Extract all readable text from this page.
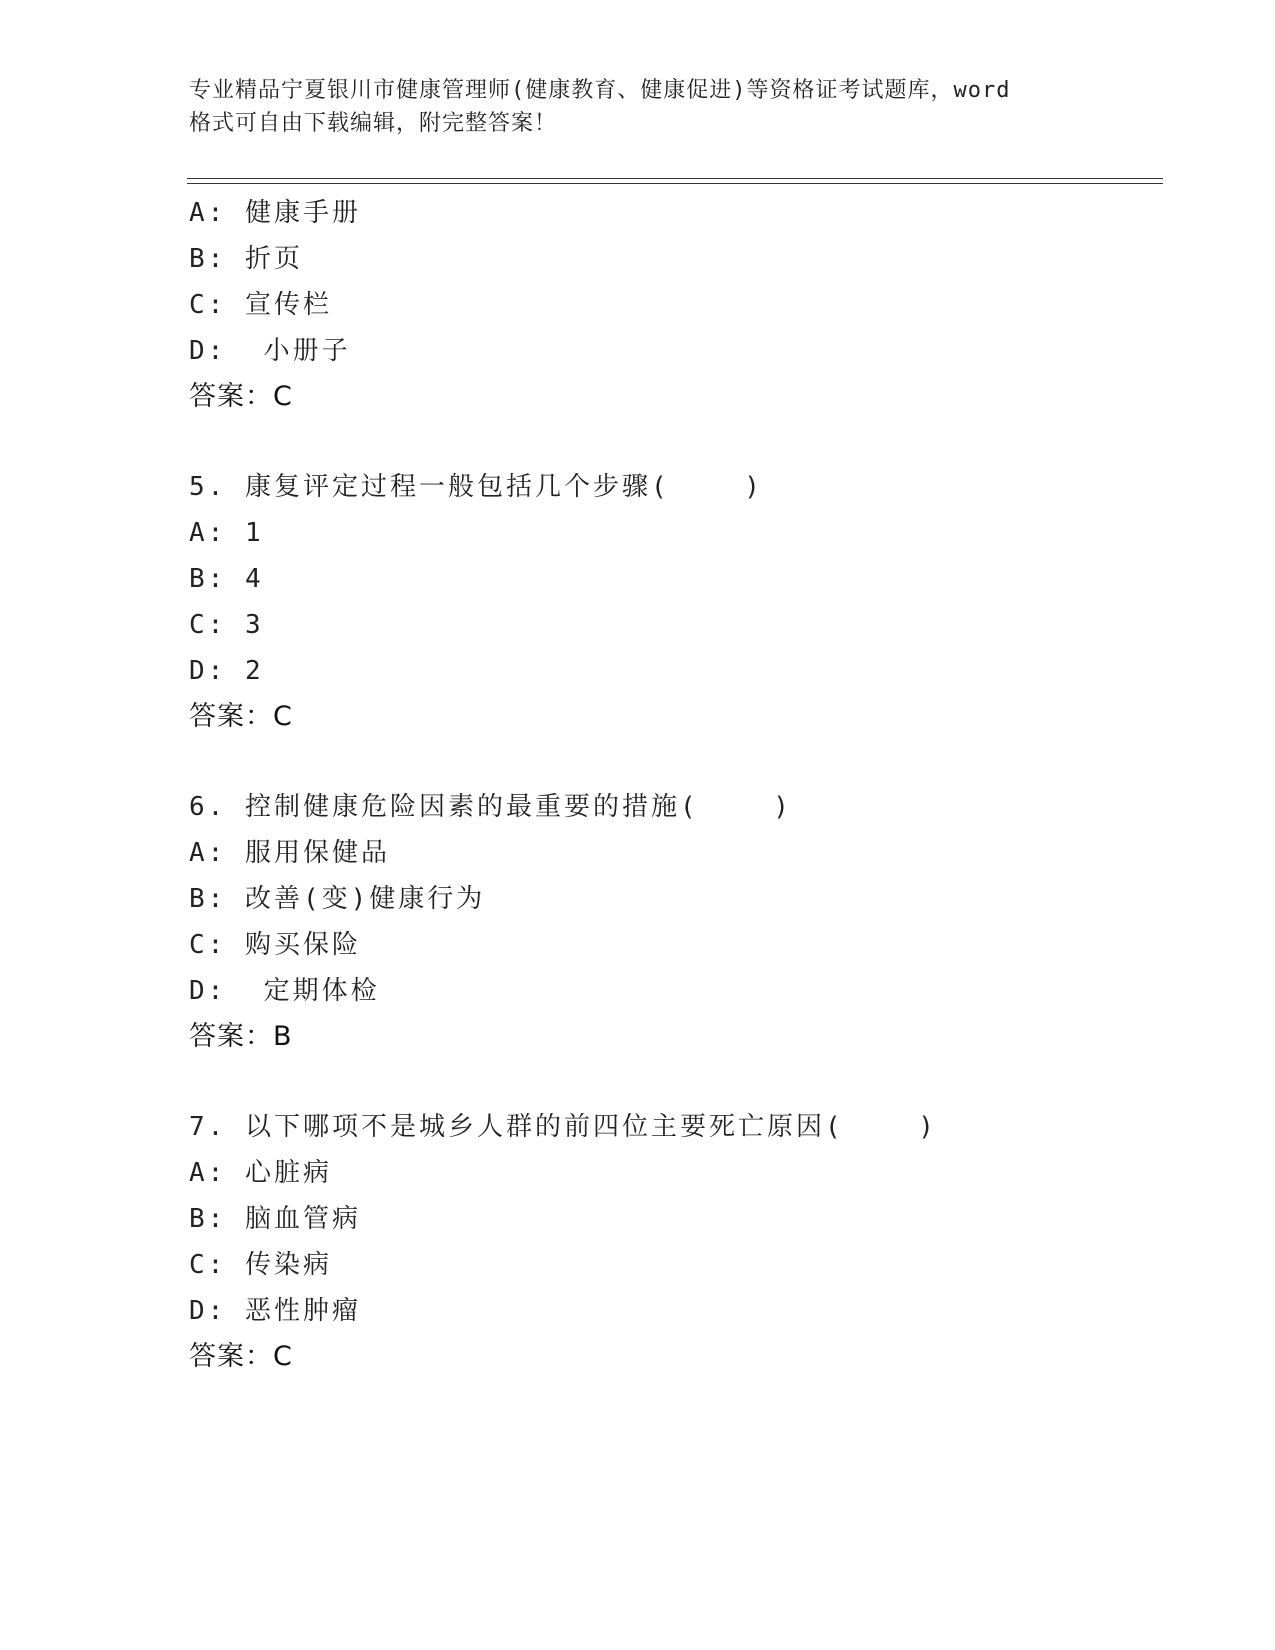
专业精品宁夏银川市健康管理师(健康教育、健康促进)等资格证考试题库，word
格式可自由下载编辑，附完整答案！
A: 健康手册
B: 折页
C: 宣传栏
D:  小册子
答案：C
5. 康复评定过程一般包括几个步骤(    )
A: 1
B: 4
C: 3
D: 2
答案：C
6. 控制健康危险因素的最重要的措施(    )
A: 服用保健品
B: 改善(变)健康行为
C: 购买保险
D:  定期体检
答案：B
7. 以下哪项不是城乡人群的前四位主要死亡原因(    )
A: 心脏病
B: 脑血管病
C: 传染病
D: 恶性肿瘤
答案：C
